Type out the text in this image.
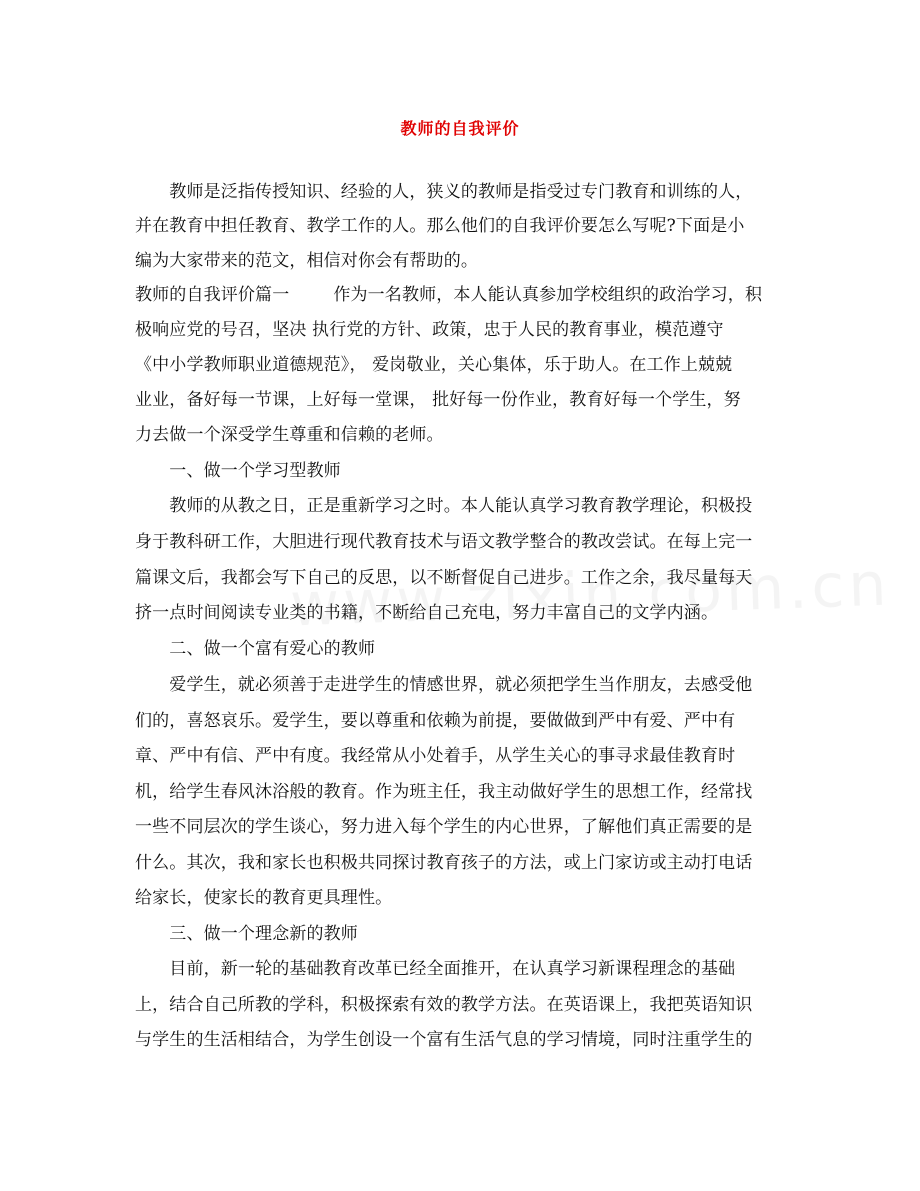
教师的自我评价
　　教师是泛指传授知识、经验的人，狭义的教师是指受过专门教育和训练的人，
并在教育中担任教育、教学工作的人。那么他们的自我评价要怎么写呢?下面是小
编为大家带来的范文，相信对你会有帮助的。
教师的自我评价篇一	作为一名教师，本人能认真参加学校组织的政治学习，积
极响应党的号召，坚决 执行党的方针、政策，忠于人民的教育事业，模范遵守
《中小学教师职业道德规范》， 爱岗敬业，关心集体，乐于助人。在工作上兢兢
业业，备好每一节课，上好每一堂课， 批好每一份作业，教育好每一个学生，努
力去做一个深受学生尊重和信赖的老师。
　　一、做一个学习型教师
　　教师的从教之日，正是重新学习之时。本人能认真学习教育教学理论，积极投
身于教科研工作，大胆进行现代教育技术与语文教学整合的教改尝试。在每上完一
篇课文后，我都会写下自己的反思，以不断督促自己进步。工作之余，我尽量每天
挤一点时间阅读专业类的书籍，不断给自己充电，努力丰富自己的文学内涵。
　　二、做一个富有爱心的教师
　　爱学生，就必须善于走进学生的情感世界，就必须把学生当作朋友，去感受他
们的，喜怒哀乐。爱学生，要以尊重和依赖为前提，要做做到严中有爱、严中有
章、严中有信、严中有度。我经常从小处着手，从学生关心的事寻求最佳教育时
机，给学生春风沐浴般的教育。作为班主任，我主动做好学生的思想工作，经常找
一些不同层次的学生谈心，努力进入每个学生的内心世界，了解他们真正需要的是
什么。其次，我和家长也积极共同探讨教育孩子的方法，或上门家访或主动打电话
给家长，使家长的教育更具理性。
　　三、做一个理念新的教师
　　目前，新一轮的基础教育改革已经全面推开，在认真学习新课程理念的基础
上，结合自己所教的学科，积极探索有效的教学方法。在英语课上，我把英语知识
与学生的生活相结合，为学生创设一个富有生活气息的学习情境，同时注重学生的
